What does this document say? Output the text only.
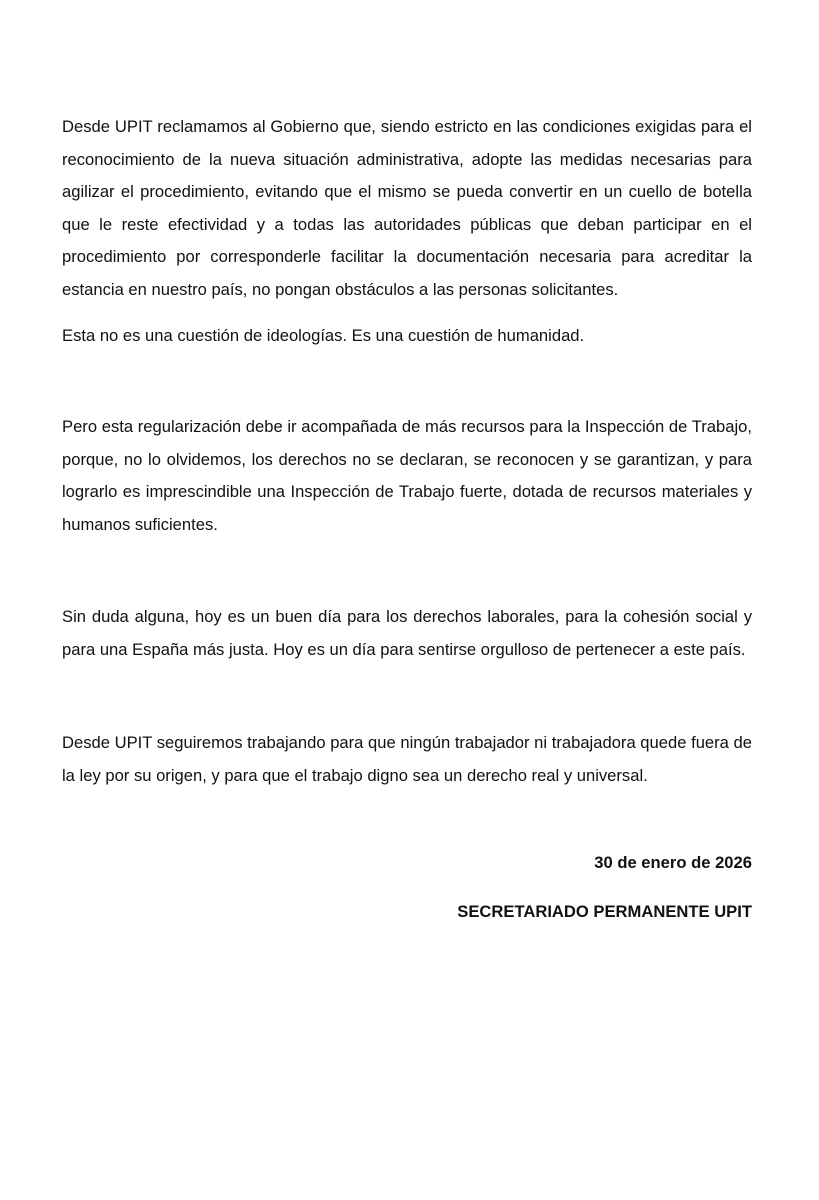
Desde UPIT reclamamos al Gobierno que, siendo estricto en las condiciones exigidas para el reconocimiento de la nueva situación administrativa, adopte las medidas necesarias para agilizar el procedimiento, evitando que el mismo se pueda convertir en un cuello de botella que le reste efectividad y a todas las autoridades públicas que deban participar en el procedimiento por corresponderle facilitar la documentación necesaria para acreditar la estancia en nuestro país, no pongan obstáculos a las personas solicitantes.

Esta no es una cuestión de ideologías. Es una cuestión de humanidad.

Pero esta regularización debe ir acompañada de más recursos para la Inspección de Trabajo, porque, no lo olvidemos, los derechos no se declaran, se reconocen y se garantizan, y para lograrlo es imprescindible una Inspección de Trabajo fuerte, dotada de recursos materiales y humanos suficientes.

Sin duda alguna, hoy es un buen día para los derechos laborales, para la cohesión social y para una España más justa. Hoy es un día para sentirse orgulloso de pertenecer a este país.

Desde UPIT seguiremos trabajando para que ningún trabajador ni trabajadora quede fuera de la ley por su origen, y para que el trabajo digno sea un derecho real y universal.

30 de enero de 2026

SECRETARIADO PERMANENTE UPIT
